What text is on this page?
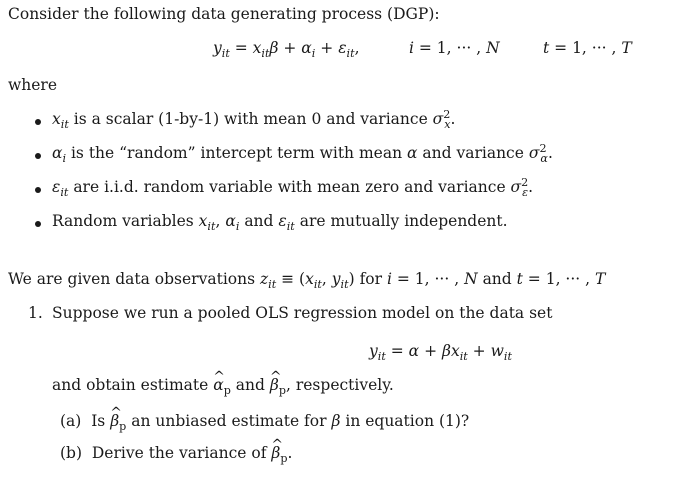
Consider the following data generating process (DGP):
$y_{it} = x_{it}\beta + \alpha_i + \varepsilon_{it}$,	i = 1, ··· , N	t = 1, ··· , T
where
$x_{it}$ is a scalar (1-by-1) with mean 0 and variance $\sigma^2_x$.
$\alpha_i$ is the “random” intercept term with mean α and variance $\sigma^2_\alpha$.
$\varepsilon_{it}$ are i.i.d. random variable with mean zero and variance $\sigma^2_\varepsilon$.
Random variables $x_{it}$, $\alpha_i$ and $\varepsilon_{it}$ are mutually independent.
We are given data observations $z_{it} \equiv (x_{it}$, $y_{it}$) for i = 1, ··· , N and t = 1, ··· , T
1. Suppose we run a pooled OLS regression model on the data set
$y_{it} = \alpha + \beta x_{it} + w_{it}$
and obtain estimate ^ $\alpha_p$ and ^ $\beta_p$, respectively.
(a)  Is ^ $\beta_p$ an unbiased estimate for β in equation (1)?
(b)  Derive the variance of ^ $\beta_p$.
